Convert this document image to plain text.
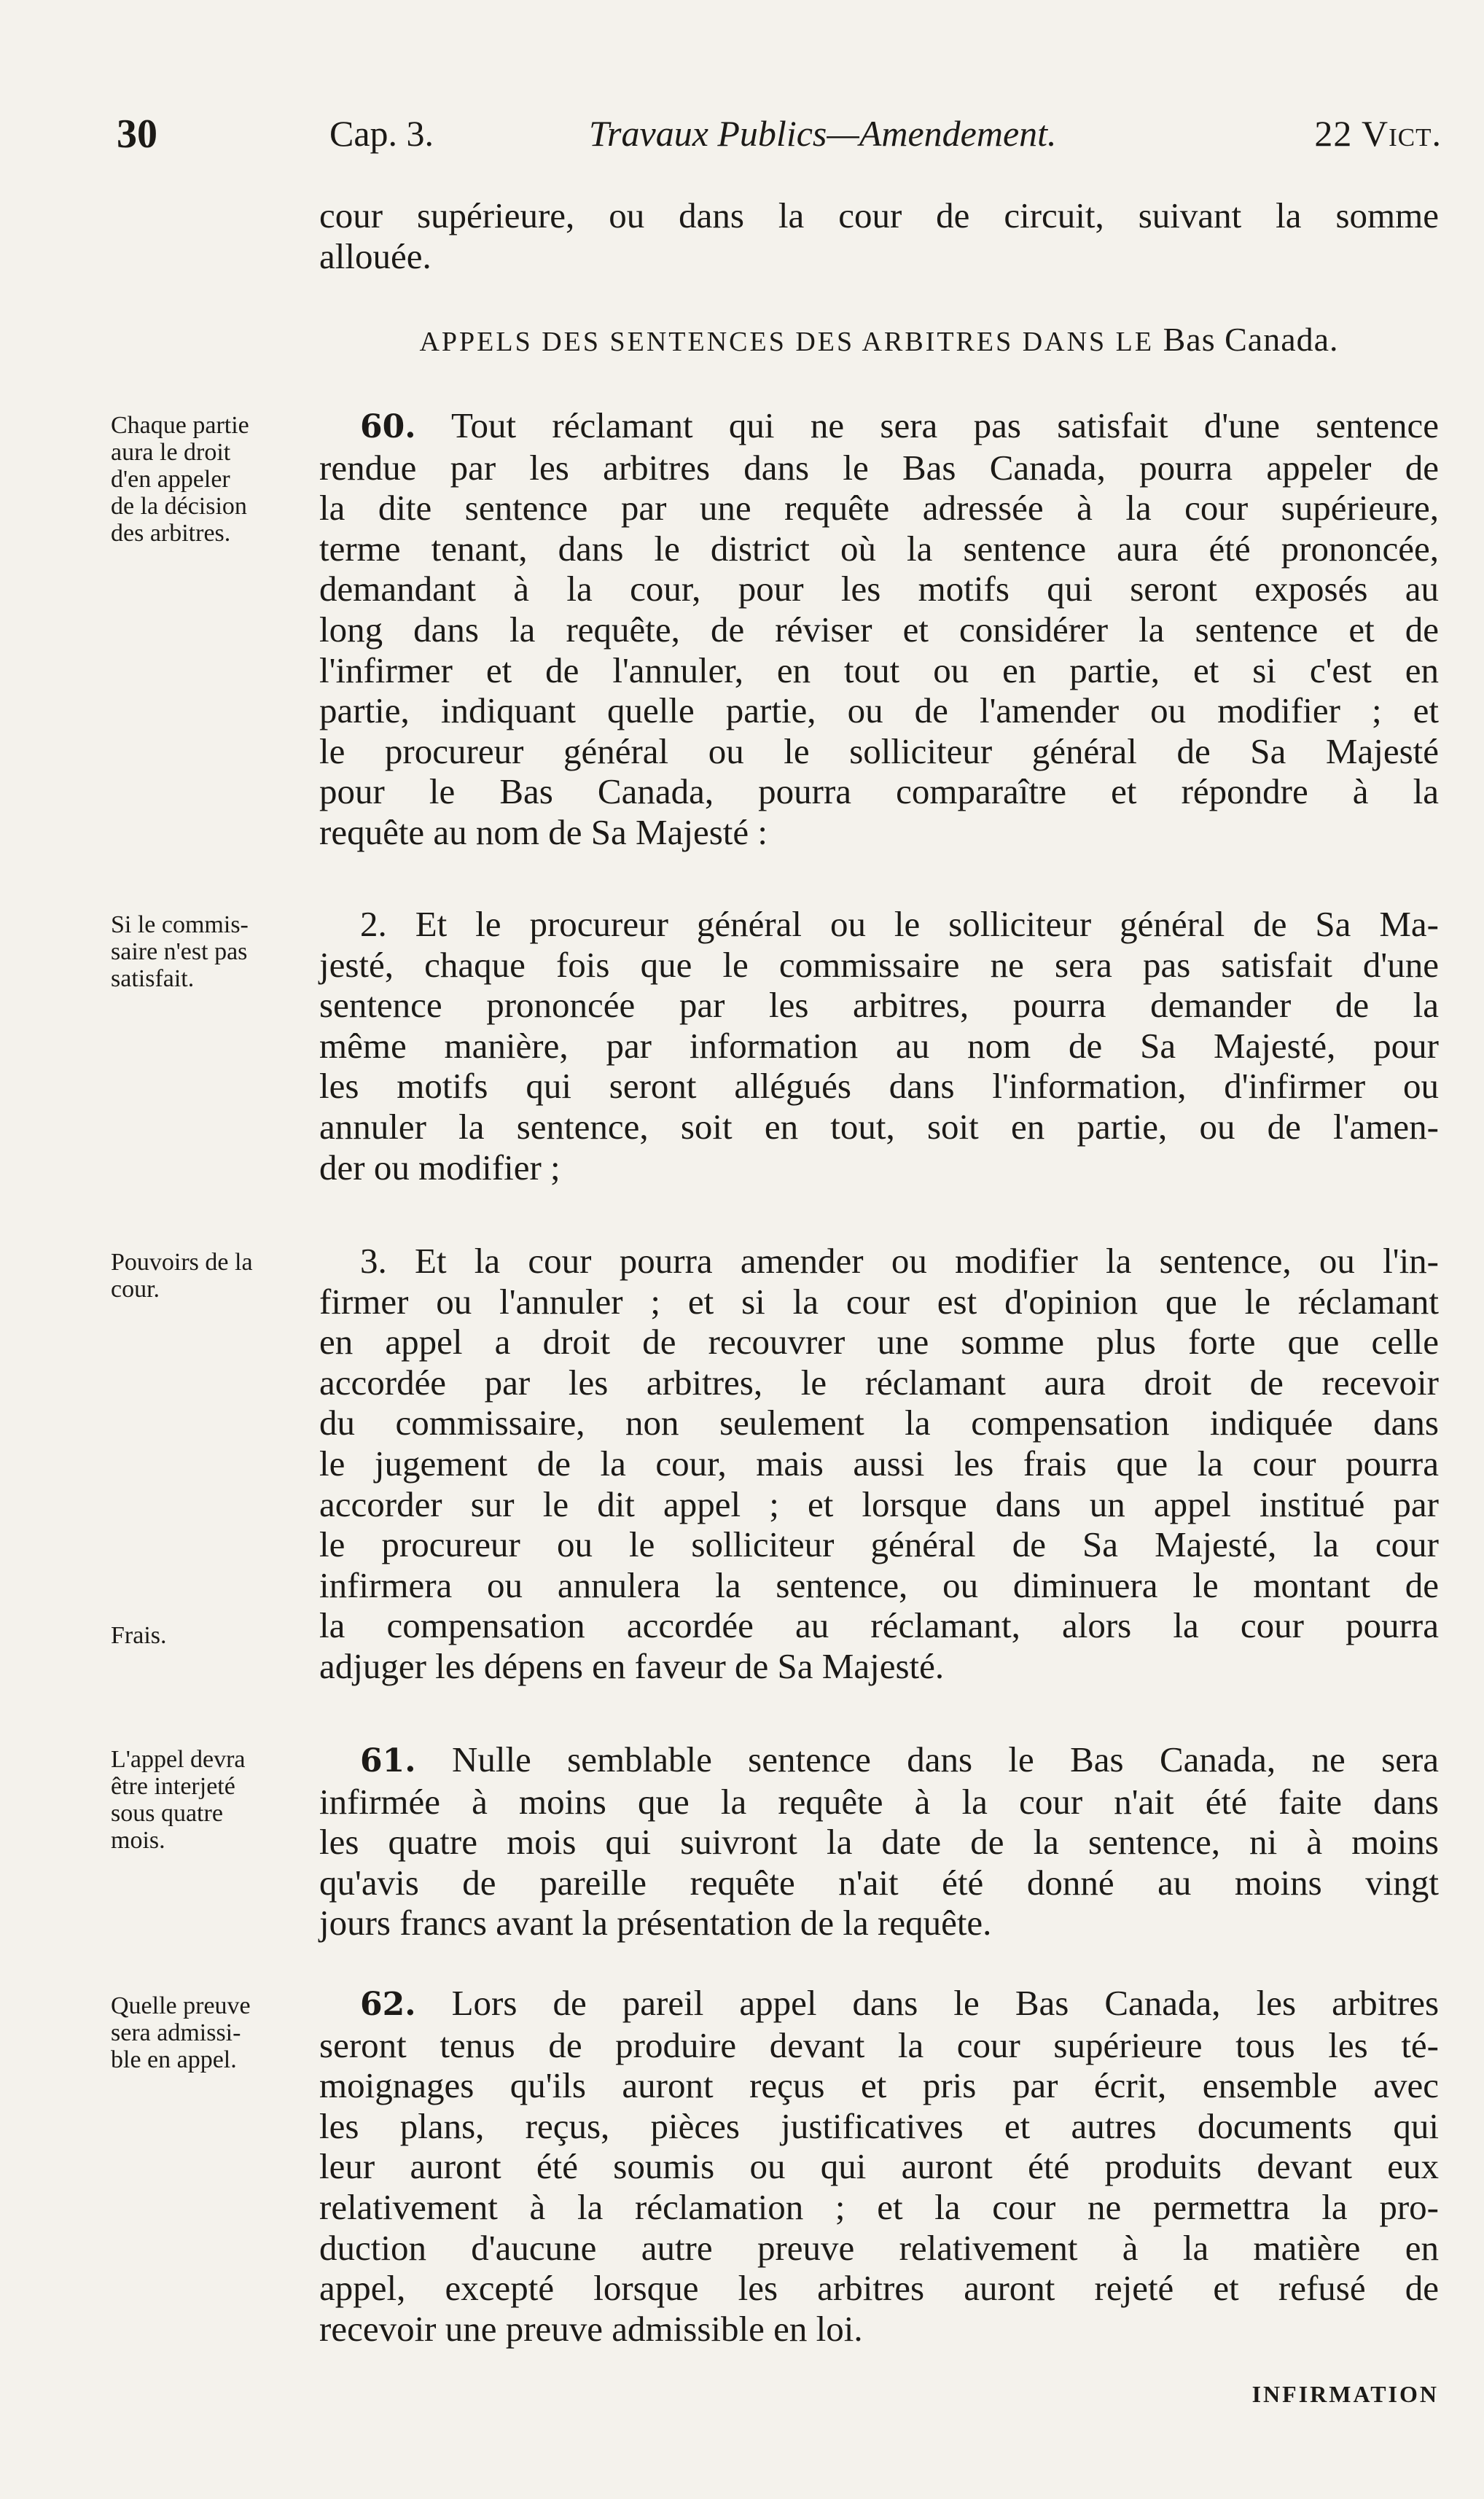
30	Cap. 3.	Travaux Publics—Amendement.	22 Vict.

cour supérieure, ou dans la cour de circuit, suivant la somme

allouée.

APPELS DES SENTENCES DES ARBITRES DANS LE Bas Canada.

Chaque partie

aura le droit

d'en appeler

de la décision

des arbitres.

Si le commis-

saire n'est pas

satisfait.

Pouvoirs de la

cour.

Frais.

L'appel devra

être interjeté

sous quatre

mois.

Quelle preuve

sera admissi-

ble en appel.

60. Tout réclamant qui ne sera pas satisfait d'une sentence

rendue par les arbitres dans le Bas Canada, pourra appeler de

la dite sentence par une requête adressée à la cour supérieure,

terme tenant, dans le district où la sentence aura été prononcée,

demandant à la cour, pour les motifs qui seront exposés au

long dans la requête, de réviser et considérer la sentence et de

l'infirmer et de l'annuler, en tout ou en partie, et si c'est en

partie, indiquant quelle partie, ou de l'amender ou modifier ; et

le procureur général ou le solliciteur général de Sa Majesté

pour le Bas Canada, pourra comparaître et répondre à la

requête au nom de Sa Majesté :

2. Et le procureur général ou le solliciteur général de Sa Ma-

jesté, chaque fois que le commissaire ne sera pas satisfait d'une

sentence prononcée par les arbitres, pourra demander de la

même manière, par information au nom de Sa Majesté, pour

les motifs qui seront allégués dans l'information, d'infirmer ou

annuler la sentence, soit en tout, soit en partie, ou de l'amen-

der ou modifier ;

3. Et la cour pourra amender ou modifier la sentence, ou l'in-

firmer ou l'annuler ; et si la cour est d'opinion que le réclamant

en appel a droit de recouvrer une somme plus forte que celle

accordée par les arbitres, le réclamant aura droit de recevoir

du commissaire, non seulement la compensation indiquée dans

le jugement de la cour, mais aussi les frais que la cour pourra

accorder sur le dit appel ; et lorsque dans un appel institué par

le procureur ou le solliciteur général de Sa Majesté, la cour

infirmera ou annulera la sentence, ou diminuera le montant de

la compensation accordée au réclamant, alors la cour pourra

adjuger les dépens en faveur de Sa Majesté.

61. Nulle semblable sentence dans le Bas Canada, ne sera

infirmée à moins que la requête à la cour n'ait été faite dans

les quatre mois qui suivront la date de la sentence, ni à moins

qu'avis de pareille requête n'ait été donné au moins vingt

jours francs avant la présentation de la requête.

62. Lors de pareil appel dans le Bas Canada, les arbitres

seront tenus de produire devant la cour supérieure tous les té-

moignages qu'ils auront reçus et pris par écrit, ensemble avec

les plans, reçus, pièces justificatives et autres documents qui

leur auront été soumis ou qui auront été produits devant eux

relativement à la réclamation ; et la cour ne permettra la pro-

duction d'aucune autre preuve relativement à la matière en

appel, excepté lorsque les arbitres auront rejeté et refusé de

recevoir une preuve admissible en loi.

INFIRMATION
